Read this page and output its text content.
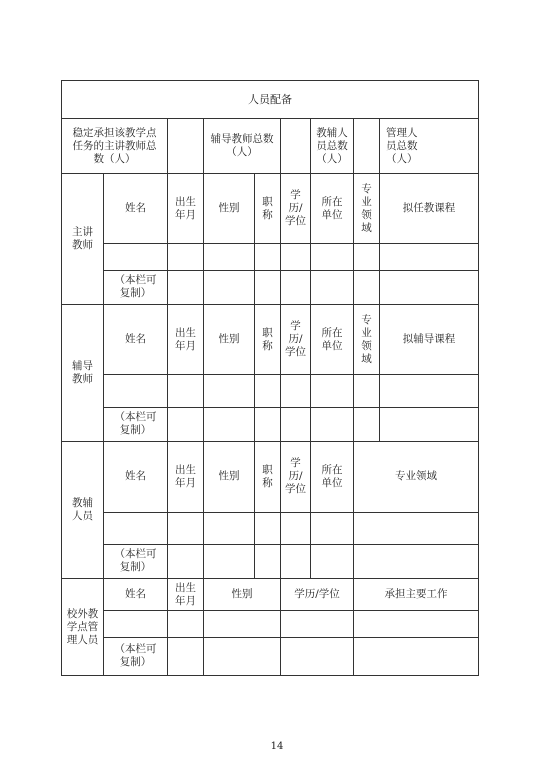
人员配备								
稳定承担该教学点任务的主讲教师总数（人）			辅导教师总数（人）			教辅人员总数（人）		管理人员总数（人）
主讲教师	姓名	出生年月	性别	职称	学历/学位	所在单位	专业领域	拟任教课程

	（本栏可复制）							
辅导教师	姓名	出生年月	性别	职称	学历/学位	所在单位	专业领域	拟辅导课程

	（本栏可复制）							
教辅人员	姓名	出生年月	性别	职称	学历/学位	所在单位	专业领域	

	（本栏可复制）							
校外教学点管理人员	姓名	出生年月	性别		学历/学位		承担主要工作	

	（本栏可复制）							
14
